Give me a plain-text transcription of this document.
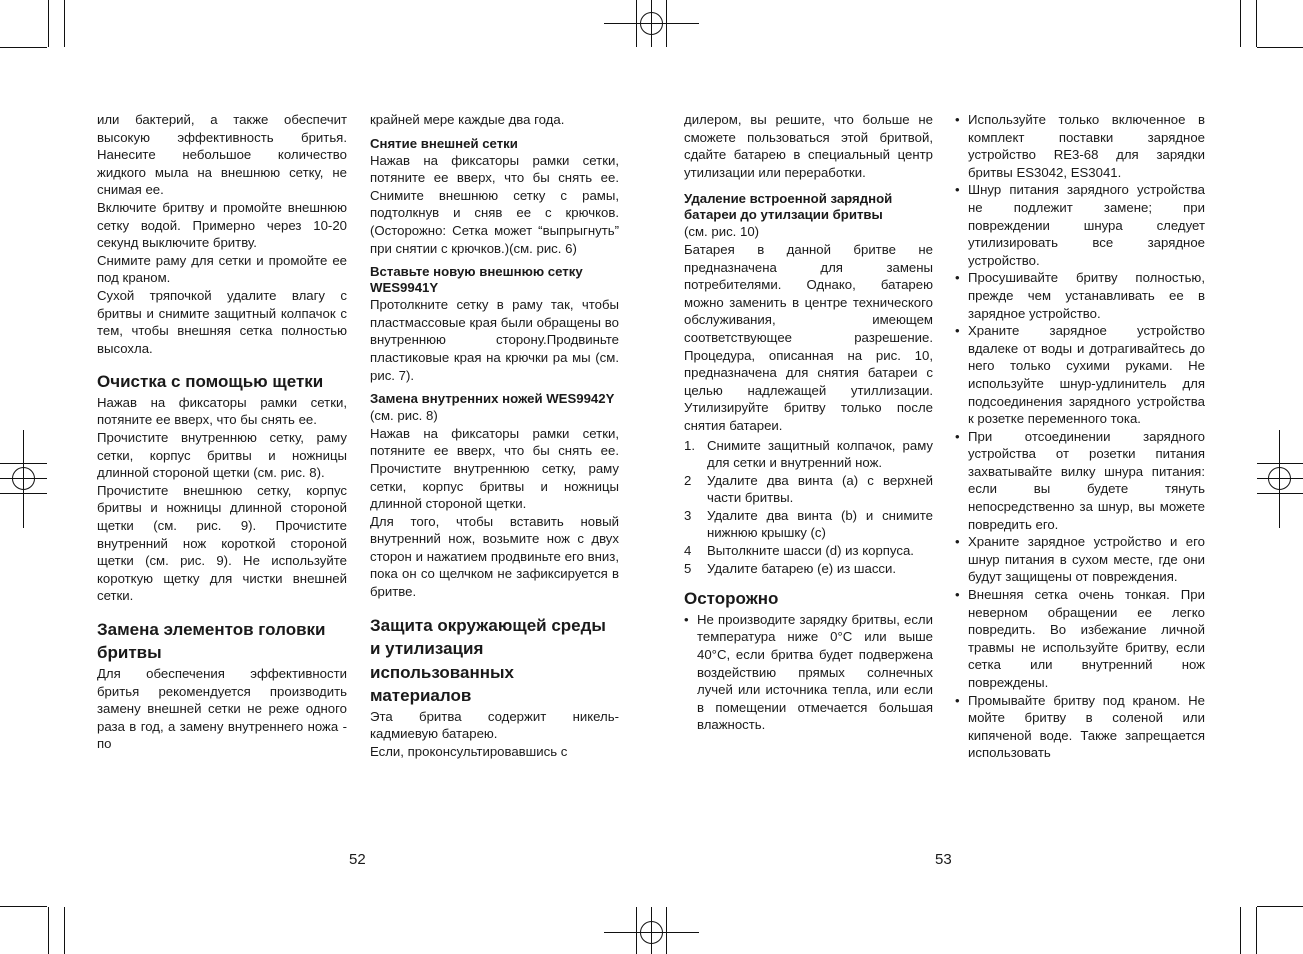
или бактерий, а также обеспечит высокую эффективность бритья. Нанесите небольшое количество жидкого мыла на внешнюю сетку, не снимая ее.

Включите бритву и промойте внешнюю сетку водой. Примерно через 10-20 секунд выключите бритву.

Снимите раму для сетки и промойте ее под краном.

Сухой тряпочкой удалите влагу с бритвы и снимите защитный колпачок с тем, чтобы внешняя сетка полностью высохла.

Очистка с помощью щетки

Нажав на фиксаторы рамки сетки, потяните ее вверх, что бы снять ее.

Прочистите внутреннюю сетку, раму сетки, корпус бритвы и ножницы длинной стороной щетки (см. рис. 8).

Прочистите внешнюю сетку, корпус бритвы и ножницы длинной стороной щетки (см. рис. 9). Прочистите внутренний нож короткой стороной щетки (см. рис. 9). Не используйте короткую щетку для чистки внешней сетки.

Замена элементов головки бритвы

Для обеспечения эффективности бритья рекомендуется производить замену внешней сетки не реже одного раза в год, а замену внутреннего ножа - по

крайней мере каждые два года.

Снятие внешней сетки

Нажав на фиксаторы рамки сетки, потяните ее вверх, что бы снять ее. Снимите внешнюю сетку с рамы, подтолкнув и сняв ее с крючков. (Осторожно: Сетка может “выпрыгнуть” при снятии с крючков.)(см. рис. 6)

Вставьте новую внешнюю сетку WES9941Y

Протолкните сетку в раму так, чтобы пластмассовые края были обращены во внутреннюю сторону.Продвиньте пластиковые края на крючки ра мы (см. рис. 7).

Замена внутренних ножей WES9942Y

(см. рис. 8)

Нажав на фиксаторы рамки сетки, потяните ее вверх, что бы снять ее. Прочистите внутреннюю сетку, раму сетки, корпус бритвы и ножницы длинной стороной щетки.

Для того, чтобы вставить новый внутренний нож, возьмите нож с двух сторон и нажатием продвиньте его вниз, пока он со щелчком не зафиксируется в бритве.

Защита окружающей среды и утилизация использованных материалов

Эта бритва содержит никель-кадмиевую батарею.

Если, проконсультировавшись с

52

дилером, вы решите, что больше не сможете пользоваться этой бритвой, сдайте батарею в специальный центр утилизации или переработки.

Удаление встроенной зарядной батареи до утилзации бритвы

(см. рис. 10)

Батарея в данной бритве не предназначена для замены потребителями. Однако, батарею можно заменить в центре технического обслуживания, имеющем соответствующее разрешение. Процедура, описанная на рис. 10, предназначена для снятия батареи с целью надлежащей утиллизации. Утилизируйте бритву только после снятия батареи.

1. Снимите защитный колпачок, раму для сетки и внутренний нож.
2 Удалите два винта (a) с верхней части бритвы.
3 Удалите два винта (b) и снимите нижнюю крышку (c)
4 Вытолкните шасси (d) из корпуса.
5 Удалите батарею (e) из шасси.
Осторожно
• Не производите зарядку бритвы, если температура ниже 0°C или выше 40°C, если бритва будет подвержена воздействию прямых солнечных лучей или источника тепла, или если в помещении отмечается большая влажность.
• Используйте только включенное в комплект поставки зарядное устройство RE3-68 для зарядки бритвы ES3042, ES3041.
• Шнур питания зарядного устройства не подлежит замене; при повреждении шнура следует утилизировать все зарядное устройство.
• Просушивайте бритву полностью, прежде чем устанавливать ее в зарядное устройство.
• Храните зарядное устройство вдалеке от воды и дотрагивайтесь до него только сухими руками. Не используйте шнур-удлинитель для подсоединения зарядного устройства к розетке переменного тока.
• При отсоединении зарядного устройства от розетки питания захватывайте вилку шнура питания: если вы будете тянуть непосредственно за шнур, вы можете повредить его.
• Храните зарядное устройство и его шнур питания в сухом месте, где они будут защищены от повреждения.
• Внешняя сетка очень тонкая. При неверном обращении ее легко повредить. Во избежание личной травмы не используйте бритву, если сетка или внутренний нож повреждены.
• Промывайте бритву под краном. Не мойте бритву в соленой или кипяченой воде. Также запрещается использовать
53
